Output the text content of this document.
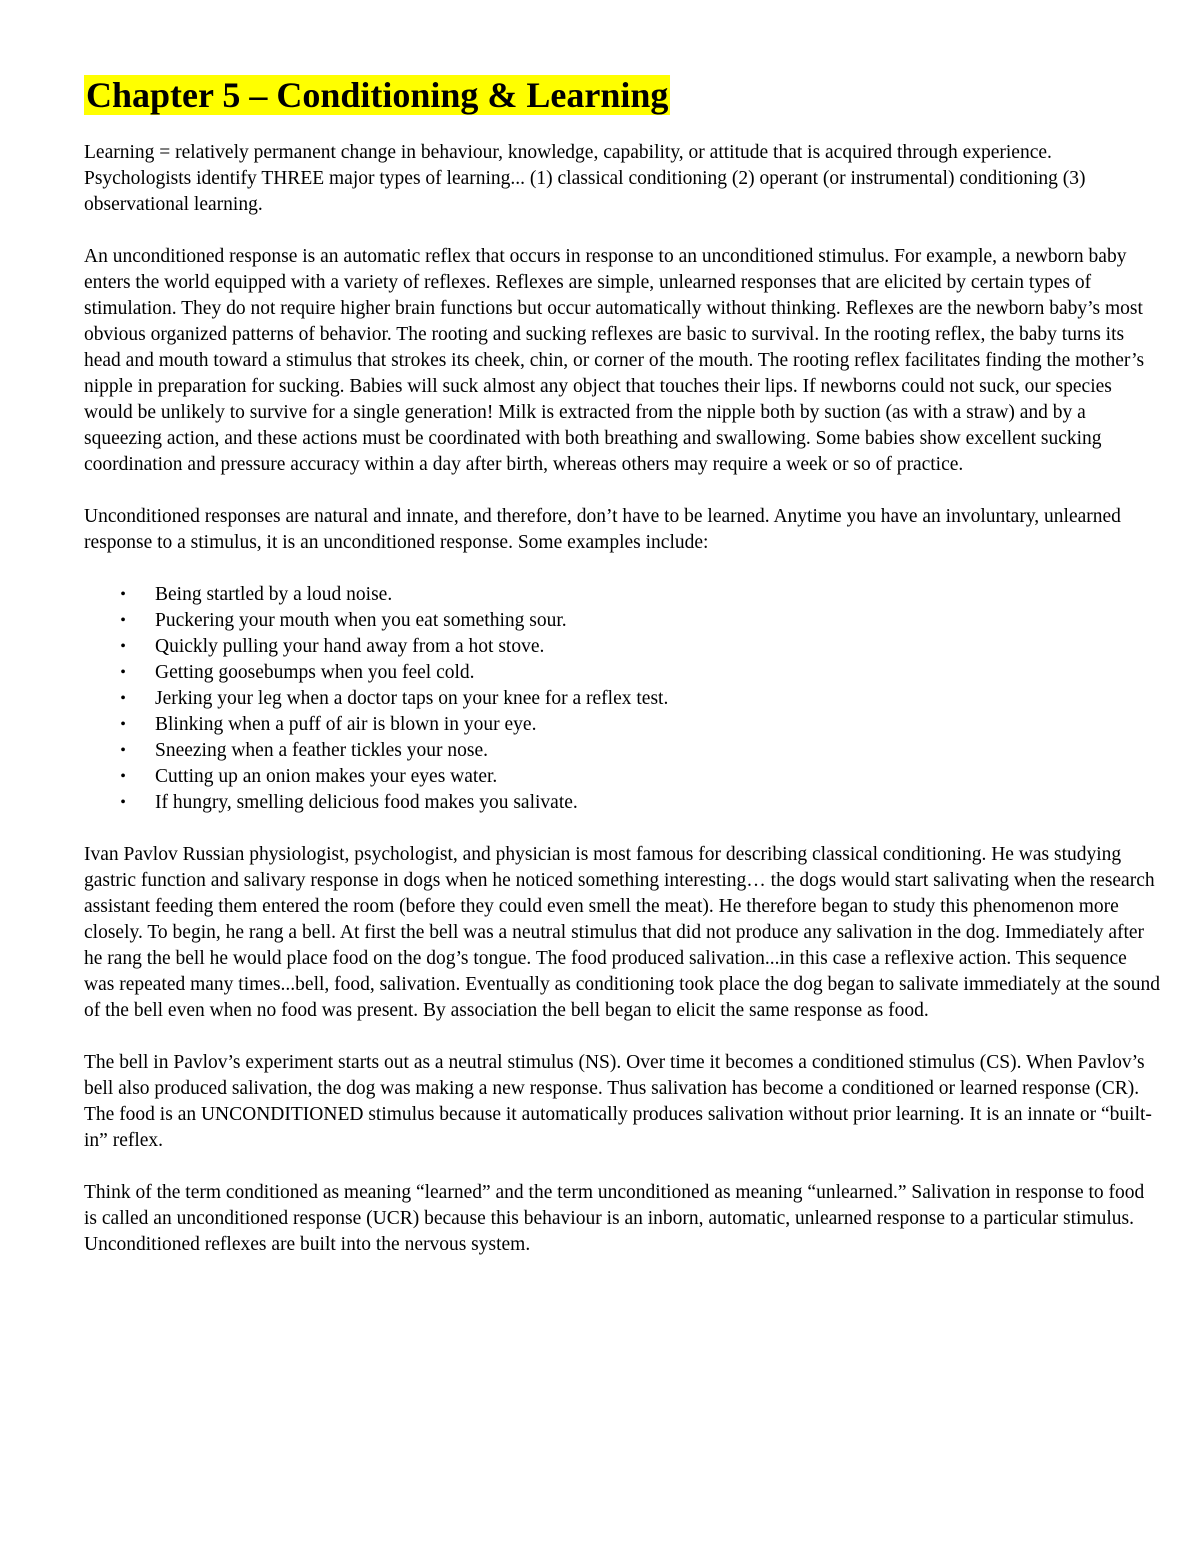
Chapter 5 – Conditioning & Learning

Learning = relatively permanent change in behaviour, knowledge, capability, or attitude that is acquired through experience. Psychologists identify THREE major types of learning... (1) classical conditioning (2) operant (or instrumental) conditioning (3) observational learning.

An unconditioned response is an automatic reflex that occurs in response to an unconditioned stimulus. For example, a newborn baby enters the world equipped with a variety of reflexes. Reflexes are simple, unlearned responses that are elicited by certain types of stimulation. They do not require higher brain functions but occur automatically without thinking. Reflexes are the newborn baby’s most obvious organized patterns of behavior. The rooting and sucking reflexes are basic to survival. In the rooting reflex, the baby turns its head and mouth toward a stimulus that strokes its cheek, chin, or corner of the mouth. The rooting reflex facilitates finding the mother’s nipple in preparation for sucking. Babies will suck almost any object that touches their lips. If newborns could not suck, our species would be unlikely to survive for a single generation! Milk is extracted from the nipple both by suction (as with a straw) and by a squeezing action, and these actions must be coordinated with both breathing and swallowing. Some babies show excellent sucking coordination and pressure accuracy within a day after birth, whereas others may require a week or so of practice.

Unconditioned responses are natural and innate, and therefore, don’t have to be learned. Anytime you have an involuntary, unlearned response to a stimulus, it is an unconditioned response. Some examples include:

• Being startled by a loud noise.
• Puckering your mouth when you eat something sour.
• Quickly pulling your hand away from a hot stove.
• Getting goosebumps when you feel cold.
• Jerking your leg when a doctor taps on your knee for a reflex test.
• Blinking when a puff of air is blown in your eye.
• Sneezing when a feather tickles your nose.
• Cutting up an onion makes your eyes water.
• If hungry, smelling delicious food makes you salivate.

Ivan Pavlov Russian physiologist, psychologist, and physician is most famous for describing classical conditioning. He was studying gastric function and salivary response in dogs when he noticed something interesting… the dogs would start salivating when the research assistant feeding them entered the room (before they could even smell the meat). He therefore began to study this phenomenon more closely. To begin, he rang a bell. At first the bell was a neutral stimulus that did not produce any salivation in the dog. Immediately after he rang the bell he would place food on the dog’s tongue. The food produced salivation...in this case a reflexive action. This sequence was repeated many times...bell, food, salivation. Eventually as conditioning took place the dog began to salivate immediately at the sound of the bell even when no food was present. By association the bell began to elicit the same response as food.

The bell in Pavlov’s experiment starts out as a neutral stimulus (NS). Over time it becomes a conditioned stimulus (CS). When Pavlov’s bell also produced salivation, the dog was making a new response. Thus salivation has become a conditioned or learned response (CR). The food is an UNCONDITIONED stimulus because it automatically produces salivation without prior learning. It is an innate or “built-in” reflex.

Think of the term conditioned as meaning “learned” and the term unconditioned as meaning “unlearned.” Salivation in response to food is called an unconditioned response (UCR) because this behaviour is an inborn, automatic, unlearned response to a particular stimulus. Unconditioned reflexes are built into the nervous system.
